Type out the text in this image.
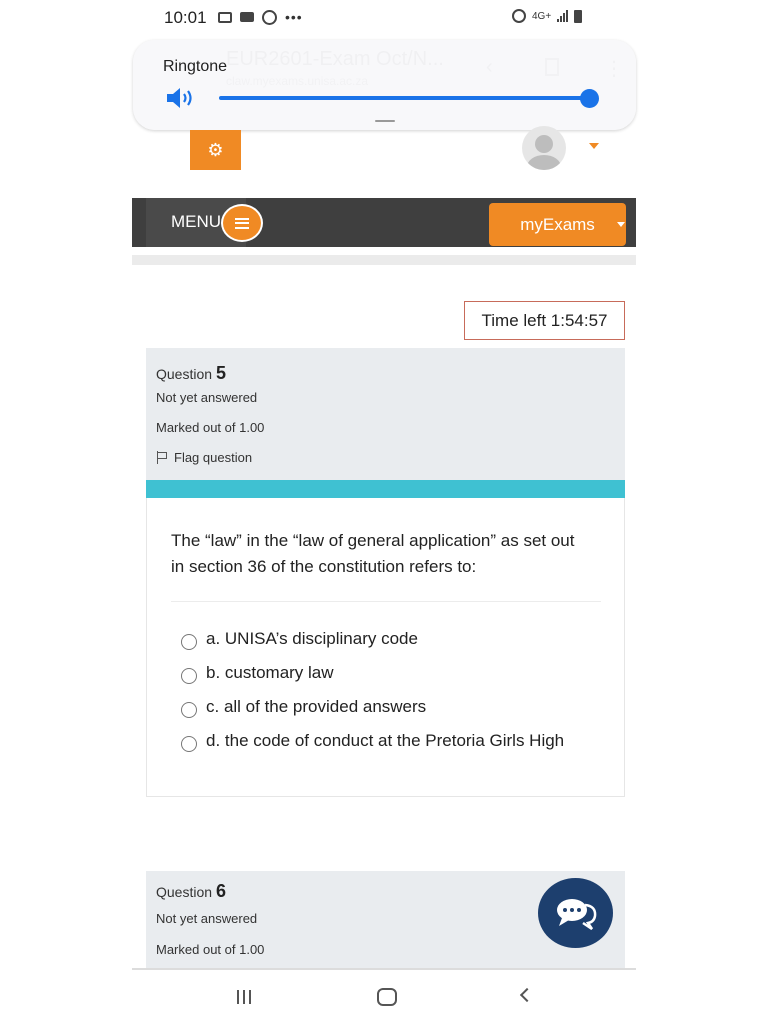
10:01	•••	4G+
Ringtone
⚙
MENU	myExams
Time left 1:54:57
Question 5
Not yet answered
Marked out of 1.00
Flag question
The “law” in the “law of general application” as set out in section 36 of the constitution refers to:
a. UNISA’s disciplinary code
b. customary law
c. all of the provided answers
d. the code of conduct at the Pretoria Girls High
Question 6
Not yet answered
Marked out of 1.00
